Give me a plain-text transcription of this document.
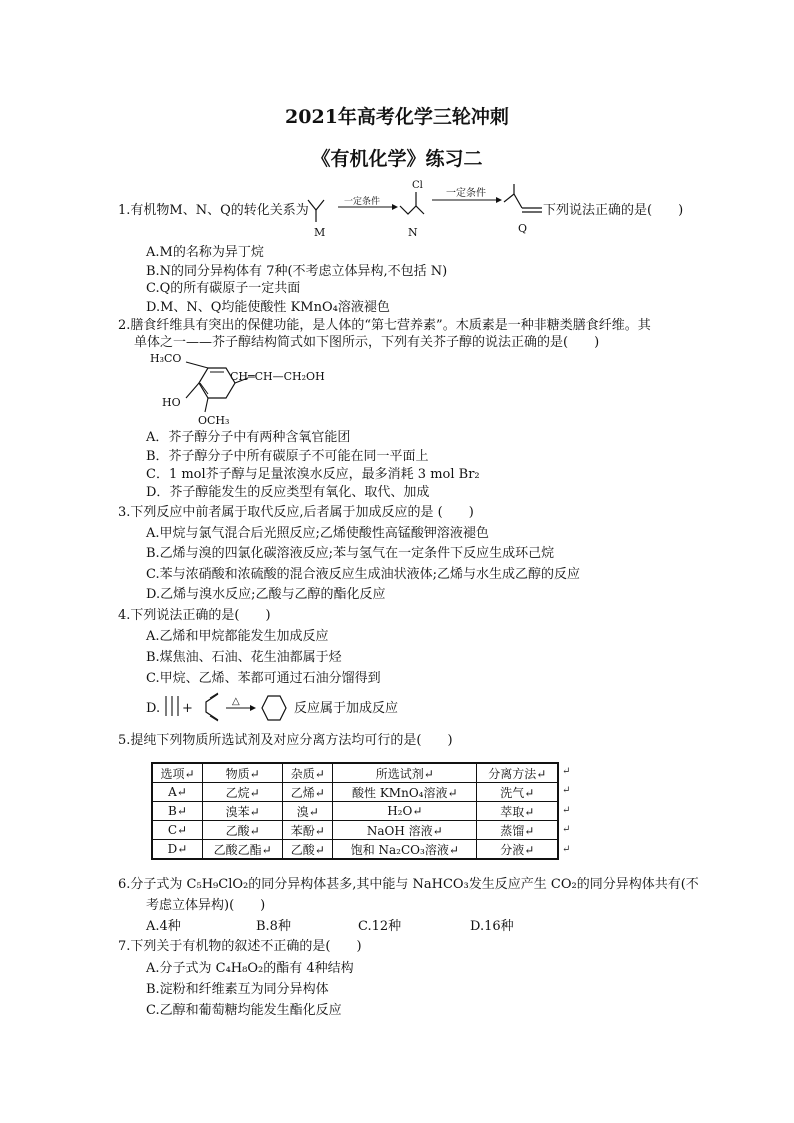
2021年高考化学三轮冲刺
《有机化学》练习二
1.有机物M、N、Q的转化关系为
M
一定条件
Cl
N
一定条件
Q
下列说法正确的是(　　)
A.M的名称为异丁烷
B.N的同分异构体有 7种(不考虑立体异构,不包括 N)
C.Q的所有碳原子一定共面
D.M、N、Q均能使酸性 KMnO₄溶液褪色
2.膳食纤维具有突出的保健功能，是人体的“第七营养素”。木质素是一种非糖类膳食纤维。其
单体之一——芥子醇结构简式如下图所示，下列有关芥子醇的说法正确的是(　　)
H₃CO
CH═CH—CH₂OH
HO
OCH₃
A．芥子醇分子中有两种含氧官能团
B．芥子醇分子中所有碳原子不可能在同一平面上
C．1 mol芥子醇与足量浓溴水反应，最多消耗 3 mol Br₂
D．芥子醇能发生的反应类型有氧化、取代、加成
3.下列反应中前者属于取代反应,后者属于加成反应的是 (　　)
A.甲烷与氯气混合后光照反应;乙烯使酸性高锰酸钾溶液褪色
B.乙烯与溴的四氯化碳溶液反应;苯与氢气在一定条件下反应生成环己烷
C.苯与浓硝酸和浓硫酸的混合液反应生成油状液体;乙烯与水生成乙醇的反应
D.乙烯与溴水反应;乙酸与乙醇的酯化反应
4.下列说法正确的是(　　)
A.乙烯和甲烷都能发生加成反应
B.煤焦油、石油、花生油都属于烃
C.甲烷、乙烯、苯都可通过石油分馏得到
D. +	△	反应属于加成反应
5.提纯下列物质所选试剂及对应分离方法均可行的是(　　)
选项↵	物质↵	杂质↵	所选试剂↵	分离方法↵
A↵	乙烷↵	乙烯↵	酸性 KMnO₄溶液↵	洗气↵
B↵	溴苯↵	溴↵	H₂O↵	萃取↵
C↵	乙酸↵	苯酚↵	NaOH 溶液↵	蒸馏↵
D↵	乙酸乙酯↵	乙酸↵	饱和 Na₂CO₃溶液↵	分液↵
↵
↵
↵
↵
↵
6.分子式为 C₅H₉ClO₂的同分异构体甚多,其中能与 NaHCO₃发生反应产生 CO₂的同分异构体共有(不
考虑立体异构)(　　)
A.4种	B.8种	C.12种	D.16种
7.下列关于有机物的叙述不正确的是(　　)
A.分子式为 C₄H₈O₂的酯有 4种结构
B.淀粉和纤维素互为同分异构体
C.乙醇和葡萄糖均能发生酯化反应
